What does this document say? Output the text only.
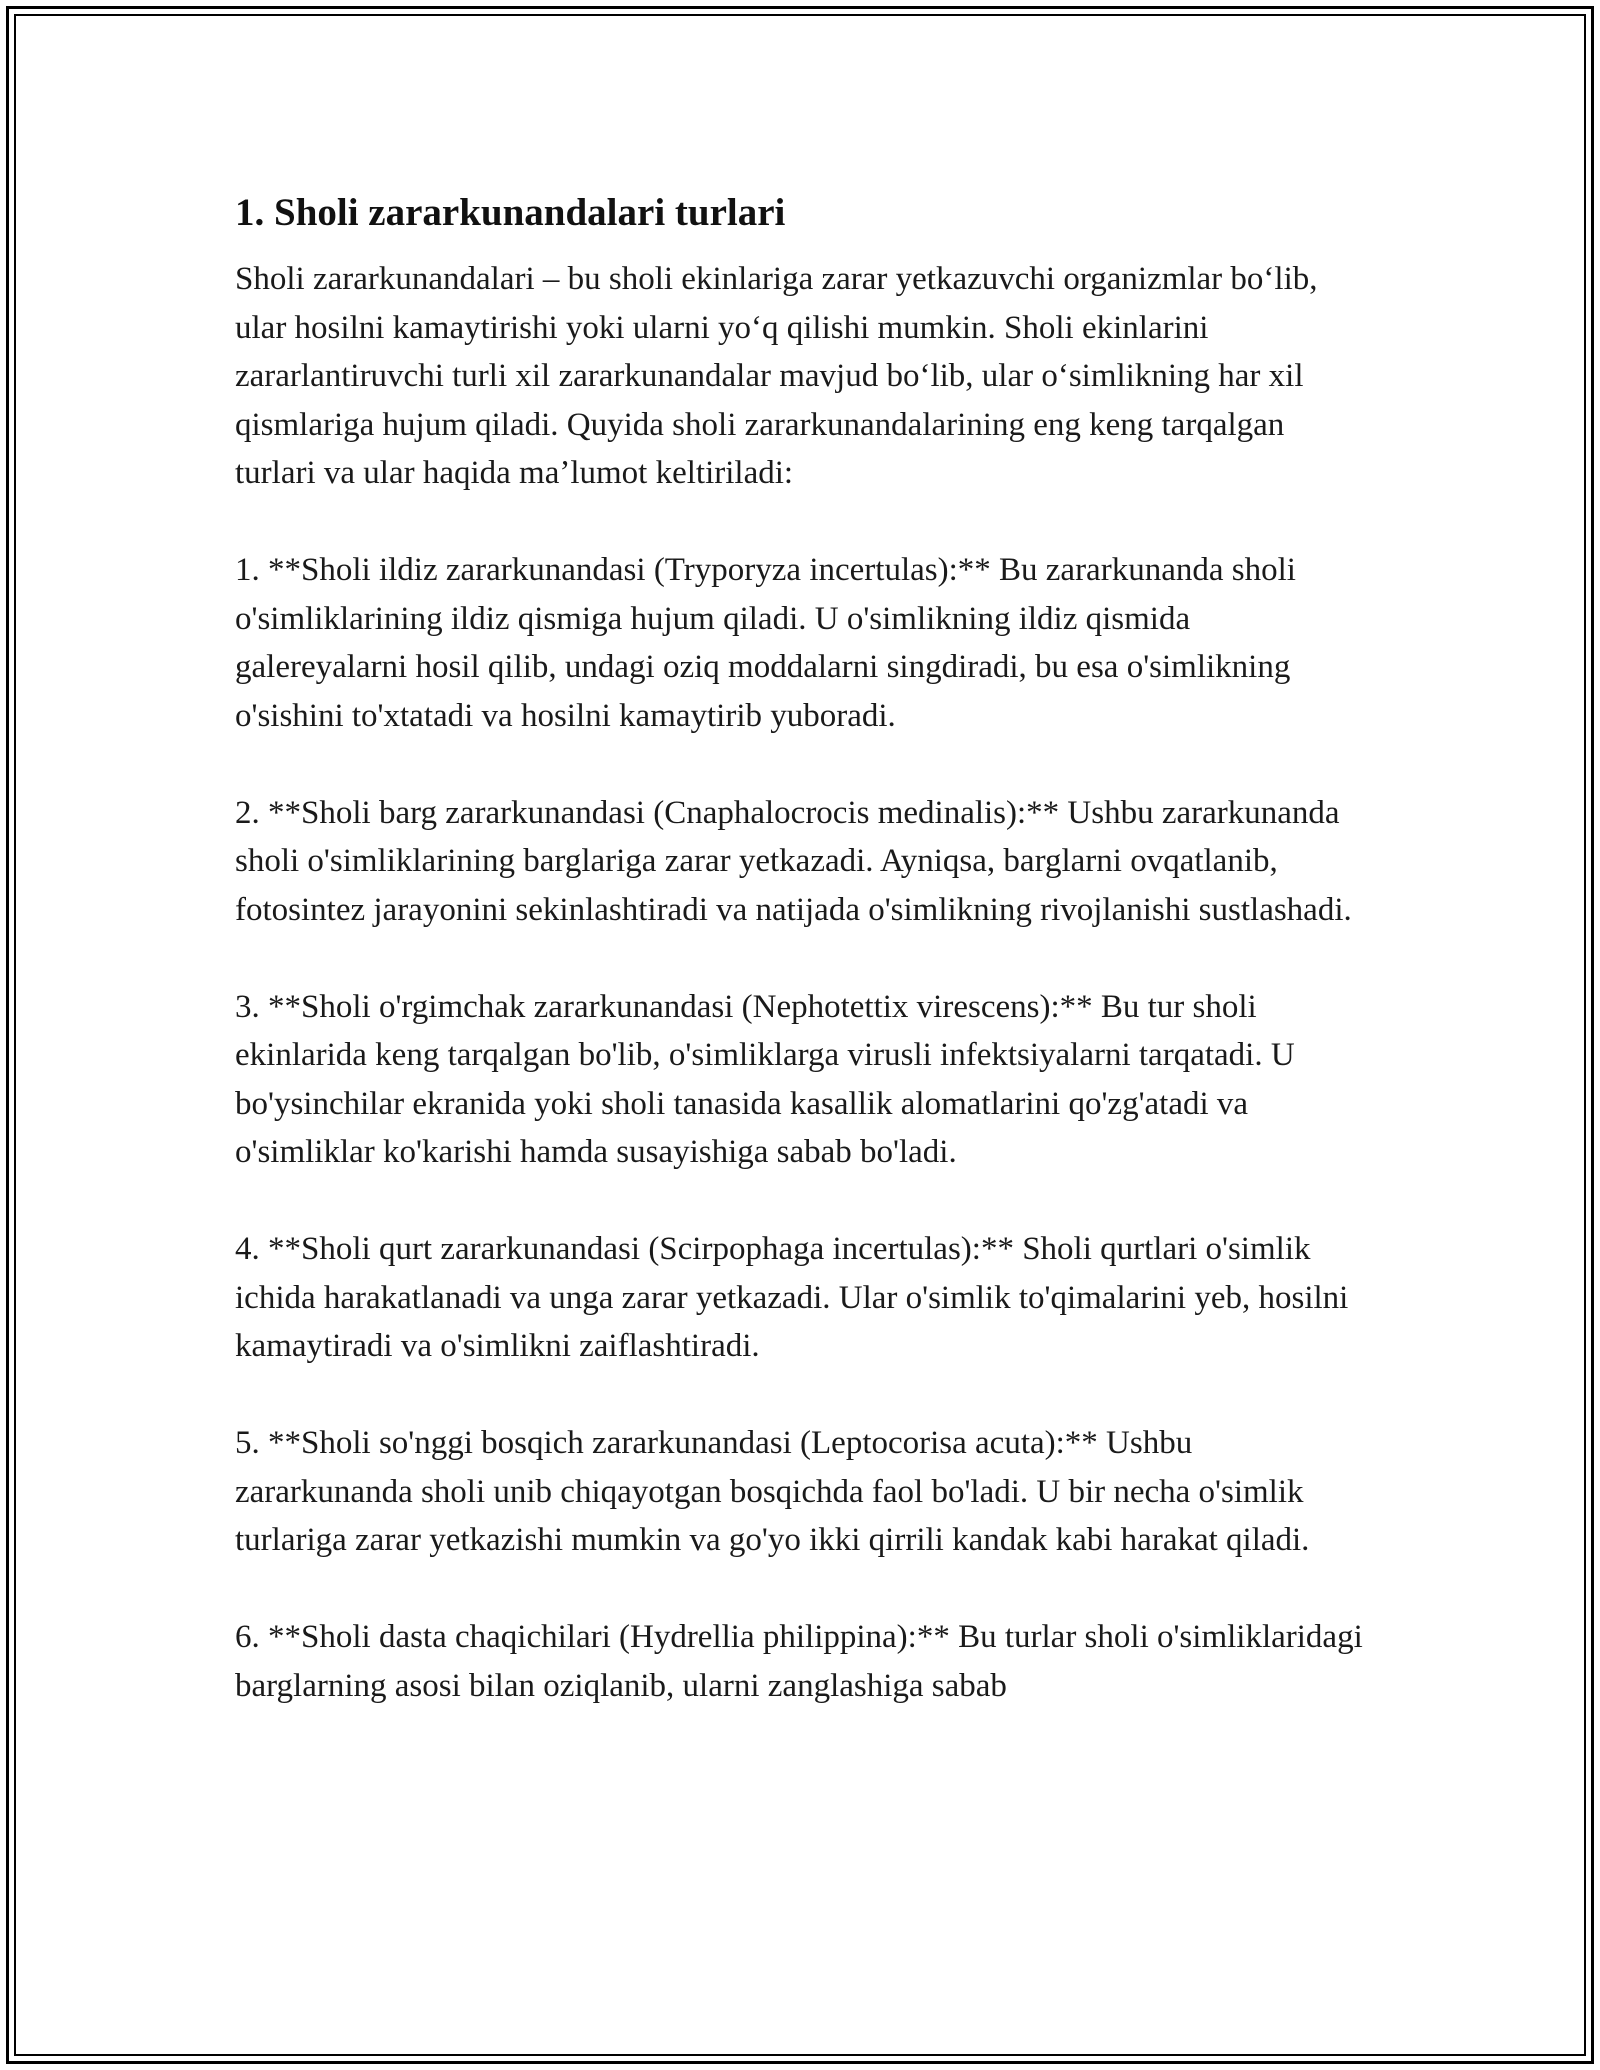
1. Sholi zararkunandalari turlari

Sholi zararkunandalari – bu sholi ekinlariga zarar yetkazuvchi organizmlar boʻlib, ular hosilni kamaytirishi yoki ularni yoʻq qilishi mumkin. Sholi ekinlarini zararlantiruvchi turli xil zararkunandalar mavjud boʻlib, ular oʻsimlikning har xil qismlariga hujum qiladi. Quyida sholi zararkunandalarining eng keng tarqalgan turlari va ular haqida maʼlumot keltiriladi:

1. **Sholi ildiz zararkunandasi (Tryporyza incertulas):** Bu zararkunanda sholi o'simliklarining ildiz qismiga hujum qiladi. U o'simlikning ildiz qismida galereyalarni hosil qilib, undagi oziq moddalarni singdiradi, bu esa o'simlikning o'sishini to'xtatadi va hosilni kamaytirib yuboradi.

2. **Sholi barg zararkunandasi (Cnaphalocrocis medinalis):** Ushbu zararkunanda sholi o'simliklarining barglariga zarar yetkazadi. Ayniqsa, barglarni ovqatlanib, fotosintez jarayonini sekinlashtiradi va natijada o'simlikning rivojlanishi sustlashadi.

3. **Sholi o'rgimchak zararkunandasi (Nephotettix virescens):** Bu tur sholi ekinlarida keng tarqalgan bo'lib, o'simliklarga virusli infektsiyalarni tarqatadi. U bo'ysinchilar ekranida yoki sholi tanasida kasallik alomatlarini qo'zg'atadi va o'simliklar ko'karishi hamda susayishiga sabab bo'ladi.

4. **Sholi qurt zararkunandasi (Scirpophaga incertulas):** Sholi qurtlari o'simlik ichida harakatlanadi va unga zarar yetkazadi. Ular o'simlik to'qimalarini yeb, hosilni kamaytiradi va o'simlikni zaiflashtiradi.

5. **Sholi so'nggi bosqich zararkunandasi (Leptocorisa acuta):** Ushbu zararkunanda sholi unib chiqayotgan bosqichda faol bo'ladi. U bir necha o'simlik turlariga zarar yetkazishi mumkin va go'yo ikki qirrili kandak kabi harakat qiladi.

6. **Sholi dasta chaqichilari (Hydrellia philippina):** Bu turlar sholi o'simliklaridagi barglarning asosi bilan oziqlanib, ularni zanglashiga sabab
